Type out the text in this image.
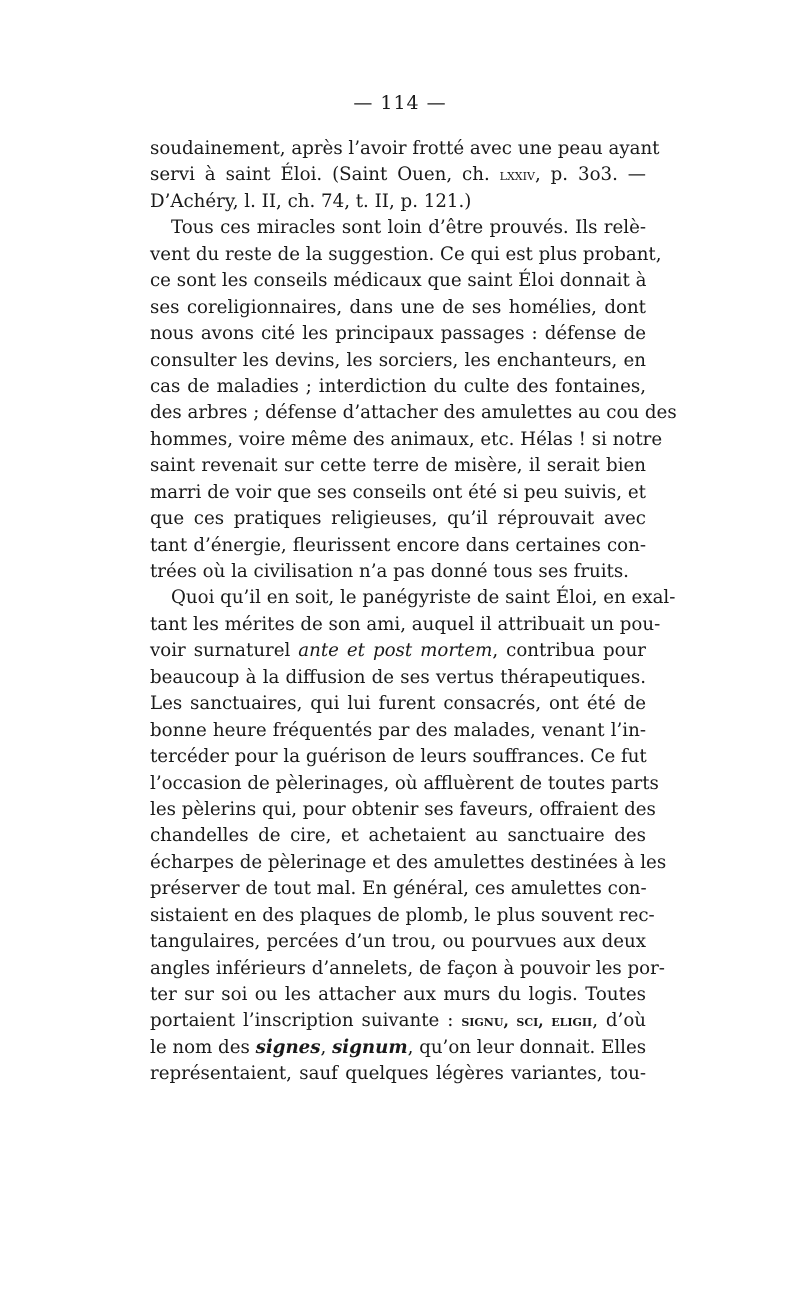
— 114 —
soudainement, après l’avoir frotté avec une peau ayant
servi à saint Éloi. (Saint Ouen, ch. lxxiv, p. 3o3. —
D’Achéry, l. II, ch. 74, t. II, p. 121.)
Tous ces miracles sont loin d’être prouvés. Ils relè-
vent du reste de la suggestion. Ce qui est plus probant,
ce sont les conseils médicaux que saint Éloi donnait à
ses coreligionnaires, dans une de ses homélies, dont
nous avons cité les principaux passages : défense de
consulter les devins, les sorciers, les enchanteurs, en
cas de maladies ; interdiction du culte des fontaines,
des arbres ; défense d’attacher des amulettes au cou des
hommes, voire même des animaux, etc. Hélas ! si notre
saint revenait sur cette terre de misère, il serait bien
marri de voir que ses conseils ont été si peu suivis, et
que ces pratiques religieuses, qu’il réprouvait avec
tant d’énergie, fleurissent encore dans certaines con-
trées où la civilisation n’a pas donné tous ses fruits.
Quoi qu’il en soit, le panégyriste de saint Éloi, en exal-
tant les mérites de son ami, auquel il attribuait un pou-
voir surnaturel ante et post mortem, contribua pour
beaucoup à la diffusion de ses vertus thérapeutiques.
Les sanctuaires, qui lui furent consacrés, ont été de
bonne heure fréquentés par des malades, venant l’in-
tercéder pour la guérison de leurs souffrances. Ce fut
l’occasion de pèlerinages, où affluèrent de toutes parts
les pèlerins qui, pour obtenir ses faveurs, offraient des
chandelles de cire, et achetaient au sanctuaire des
écharpes de pèlerinage et des amulettes destinées à les
préserver de tout mal. En général, ces amulettes con-
sistaient en des plaques de plomb, le plus souvent rec-
tangulaires, percées d’un trou, ou pourvues aux deux
angles inférieurs d’annelets, de façon à pouvoir les por-
ter sur soi ou les attacher aux murs du logis. Toutes
portaient l’inscription suivante : signu, sci, eligii, d’où
le nom des signes, signum, qu’on leur donnait. Elles
représentaient, sauf quelques légères variantes, tou-
